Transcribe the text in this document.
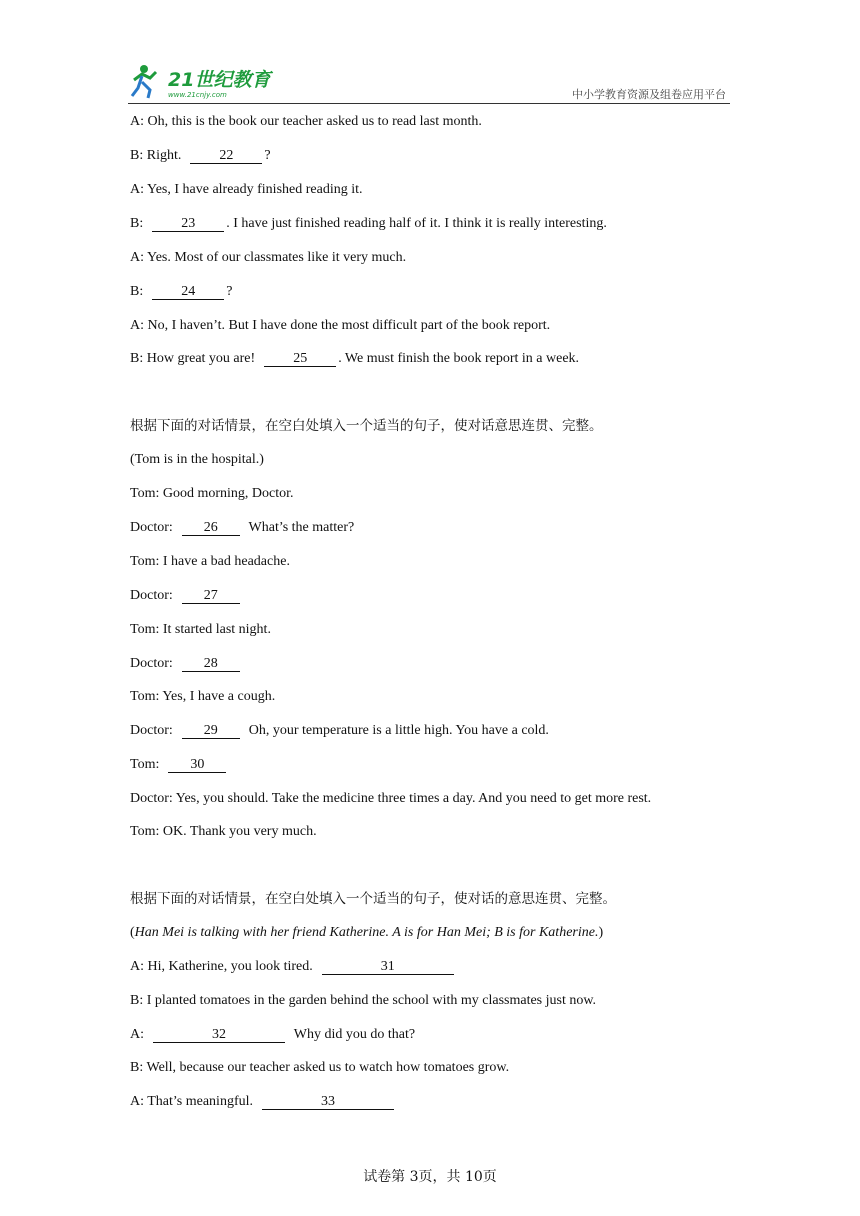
21世纪教育
www.21cnjy.com	中小学教育资源及组卷应用平台
A: Oh, this is the book our teacher asked us to read last month.
B: Right.  22 ?
A: Yes, I have already finished reading it.
B:  23 . I have just finished reading half of it. I think it is really interesting.
A: Yes. Most of our classmates like it very much.
B:  24 ?
A: No, I haven’t. But I have done the most difficult part of the book report.
B: How great you are!  25 . We must finish the book report in a week.
根据下面的对话情景，在空白处填入一个适当的句子，使对话意思连贯、完整。
(Tom is in the hospital.)
Tom: Good morning, Doctor.
Doctor:  26  What’s the matter?
Tom: I have a bad headache.
Doctor:  27
Tom: It started last night.
Doctor:  28
Tom: Yes, I have a cough.
Doctor:  29  Oh, your temperature is a little high. You have a cold.
Tom:  30
Doctor: Yes, you should. Take the medicine three times a day. And you need to get more rest.
Tom: OK. Thank you very much.
根据下面的对话情景，在空白处填入一个适当的句子，使对话的意思连贯、完整。
(Han Mei is talking with her friend Katherine. A is for Han Mei; B is for Katherine.)
A: Hi, Katherine, you look tired.	31
B: I planted tomatoes in the garden behind the school with my classmates just now.
A:	32	Why did you do that?
B: Well, because our teacher asked us to watch how tomatoes grow.
A: That’s meaningful.	33
试卷第 3页，共 10页
